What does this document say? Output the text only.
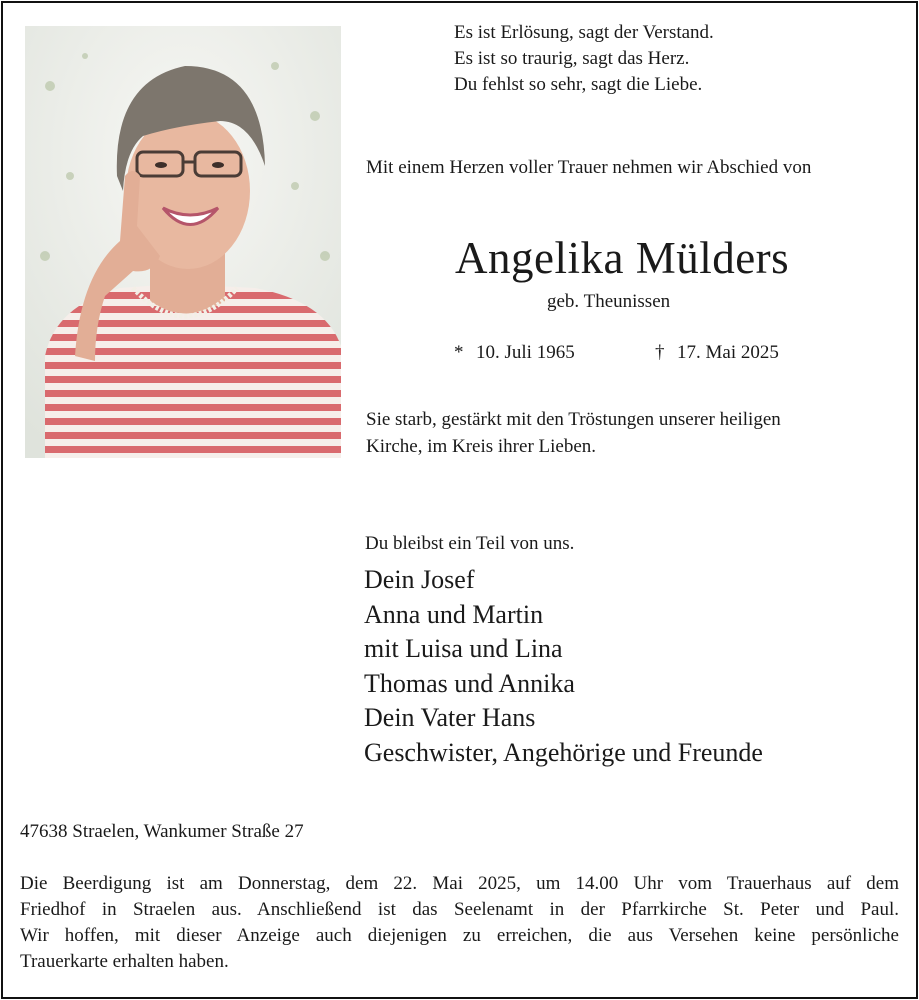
Es ist Erlösung, sagt der Verstand.
Es ist so traurig, sagt das Herz.
Du fehlst so sehr, sagt die Liebe.
Mit einem Herzen voller Trauer nehmen wir Abschied von
Angelika Mülders
geb. Theunissen
* 10. Juli 1965	† 17. Mai 2025
Sie starb, gestärkt mit den Tröstungen unserer heiligen
Kirche, im Kreis ihrer Lieben.
Du bleibst ein Teil von uns.
Dein Josef
Anna und Martin
mit Luisa und Lina
Thomas und Annika
Dein Vater Hans
Geschwister, Angehörige und Freunde
47638 Straelen, Wankumer Straße 27
Die Beerdigung ist am Donnerstag, dem 22. Mai 2025, um 14.00 Uhr vom Trauerhaus auf dem
Friedhof in Straelen aus. Anschließend ist das Seelenamt in der Pfarrkirche St. Peter und Paul.
Wir hoffen, mit dieser Anzeige auch diejenigen zu erreichen, die aus Versehen keine persönliche
Trauerkarte erhalten haben.
